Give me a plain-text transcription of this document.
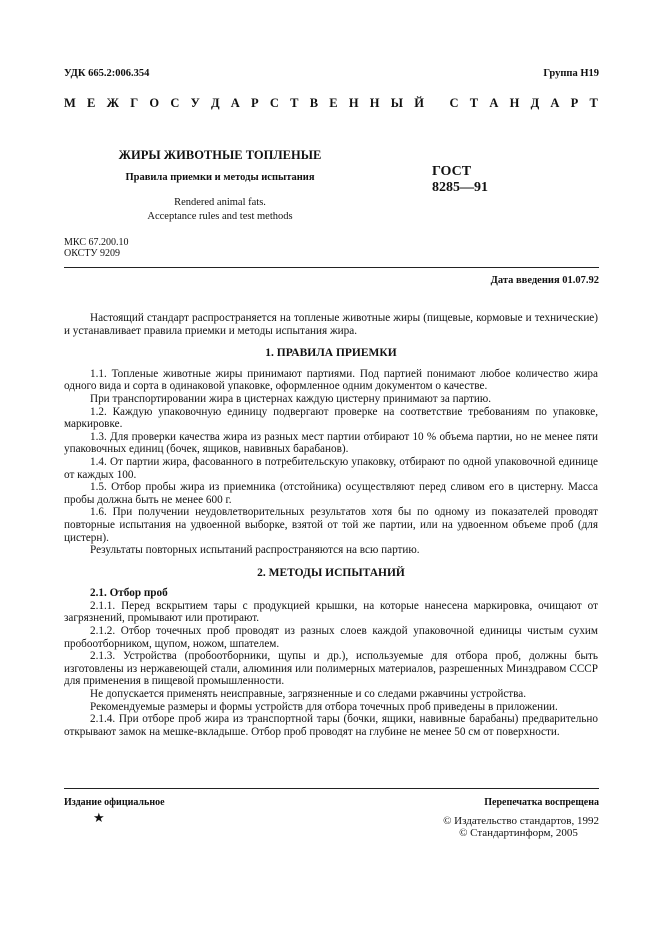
УДК 665.2:006.354	Группа Н19
М Е Ж Г О С У Д А Р С Т В Е Н Н Ы Й
С Т А Н Д А Р Т
ЖИРЫ ЖИВОТНЫЕ ТОПЛЕНЫЕ
Правила приемки и методы испытания
Rendered animal fats.
Acceptance rules and test methods
ГОСТ
8285—91
МКС 67.200.10
ОКСТУ 9209
Дата введения 01.07.92

Настоящий стандарт распространяется на топленые животные жиры (пищевые, кормовые и технические) и устанавливает правила приемки и методы испытания жира.

1. ПРАВИЛА ПРИЕМКИ

1.1. Топленые животные жиры принимают партиями. Под партией понимают любое количество жира одного вида и сорта в одинаковой упаковке, оформленное одним документом о качестве.

При транспортировании жира в цистернах каждую цистерну принимают за партию.

1.2. Каждую упаковочную единицу подвергают проверке на соответствие требованиям по упаковке, маркировке.

1.3. Для проверки качества жира из разных мест партии отбирают 10 % объема партии, но не менее пяти упаковочных единиц (бочек, ящиков, навивных барабанов).

1.4. От партии жира, фасованного в потребительскую упаковку, отбирают по одной упаковочной единице от каждых 100.

1.5. Отбор пробы жира из приемника (отстойника) осуществляют перед сливом его в цистерну. Масса пробы должна быть не менее 600 г.

1.6. При получении неудовлетворительных результатов хотя бы по одному из показателей проводят повторные испытания на удвоенной выборке, взятой от той же партии, или на удвоенном объеме проб (для цистерн).

Результаты повторных испытаний распространяются на всю партию.

2. МЕТОДЫ ИСПЫТАНИЙ

2.1. Отбор проб

2.1.1. Перед вскрытием тары с продукцией крышки, на которые нанесена маркировка, очищают от загрязнений, промывают или протирают.

2.1.2. Отбор точечных проб проводят из разных слоев каждой упаковочной единицы чистым сухим пробоотборником, щупом, ножом, шпателем.

2.1.3. Устройства (пробоотборники, щупы и др.), используемые для отбора проб, должны быть изготовлены из нержавеющей стали, алюминия или полимерных материалов, разрешенных Минздравом СССР для применения в пищевой промышленности.

Не допускается применять неисправные, загрязненные и со следами ржавчины устройства.

Рекомендуемые размеры и формы устройств для отбора точечных проб приведены в приложении.

2.1.4. При отборе проб жира из транспортной тары (бочки, ящики, навивные барабаны) предварительно открывают замок на мешке-вкладыше. Отбор проб проводят на глубине не менее 50 см от поверхности.

Издание официальное
★
Перепечатка воспрещена
© Издательство стандартов, 1992
© Стандартинформ, 2005
